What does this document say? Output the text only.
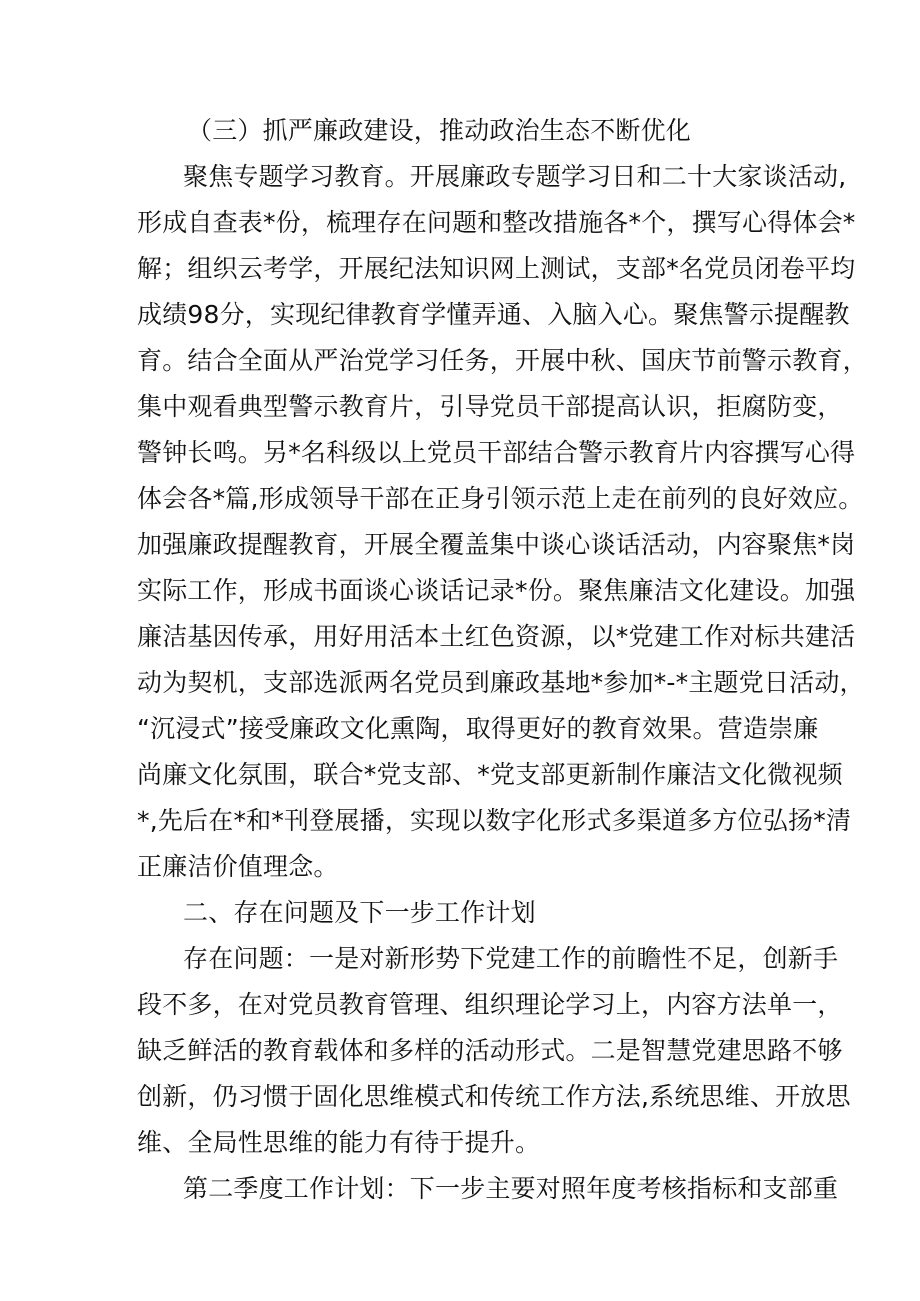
（三）抓严廉政建设，推动政治生态不断优化
聚焦专题学习教育。开展廉政专题学习日和二十大家谈活动,
形成自查表*份，梳理存在问题和整改措施各*个，撰写心得体会*
解；组织云考学，开展纪法知识网上测试，支部*名党员闭卷平均
成绩98分，实现纪律教育学懂弄通、入脑入心。聚焦警示提醒教
育。结合全面从严治党学习任务，开展中秋、国庆节前警示教育，
集中观看典型警示教育片，引导党员干部提高认识，拒腐防变，
警钟长鸣。另*名科级以上党员干部结合警示教育片内容撰写心得
体会各*篇,形成领导干部在正身引领示范上走在前列的良好效应。
加强廉政提醒教育，开展全覆盖集中谈心谈话活动，内容聚焦*岗
实际工作，形成书面谈心谈话记录*份。聚焦廉洁文化建设。加强
廉洁基因传承，用好用活本土红色资源，以*党建工作对标共建活
动为契机，支部选派两名党员到廉政基地*参加*-*主题党日活动，
“沉浸式”接受廉政文化熏陶，取得更好的教育效果。营造崇廉
尚廉文化氛围，联合*党支部、*党支部更新制作廉洁文化微视频
*,先后在*和*刊登展播，实现以数字化形式多渠道多方位弘扬*清
正廉洁价值理念。
二、存在问题及下一步工作计划
存在问题：一是对新形势下党建工作的前瞻性不足，创新手
段不多，在对党员教育管理、组织理论学习上，内容方法单一，
缺乏鲜活的教育载体和多样的活动形式。二是智慧党建思路不够
创新，仍习惯于固化思维模式和传统工作方法,系统思维、开放思
维、全局性思维的能力有待于提升。
第二季度工作计划：下一步主要对照年度考核指标和支部重
